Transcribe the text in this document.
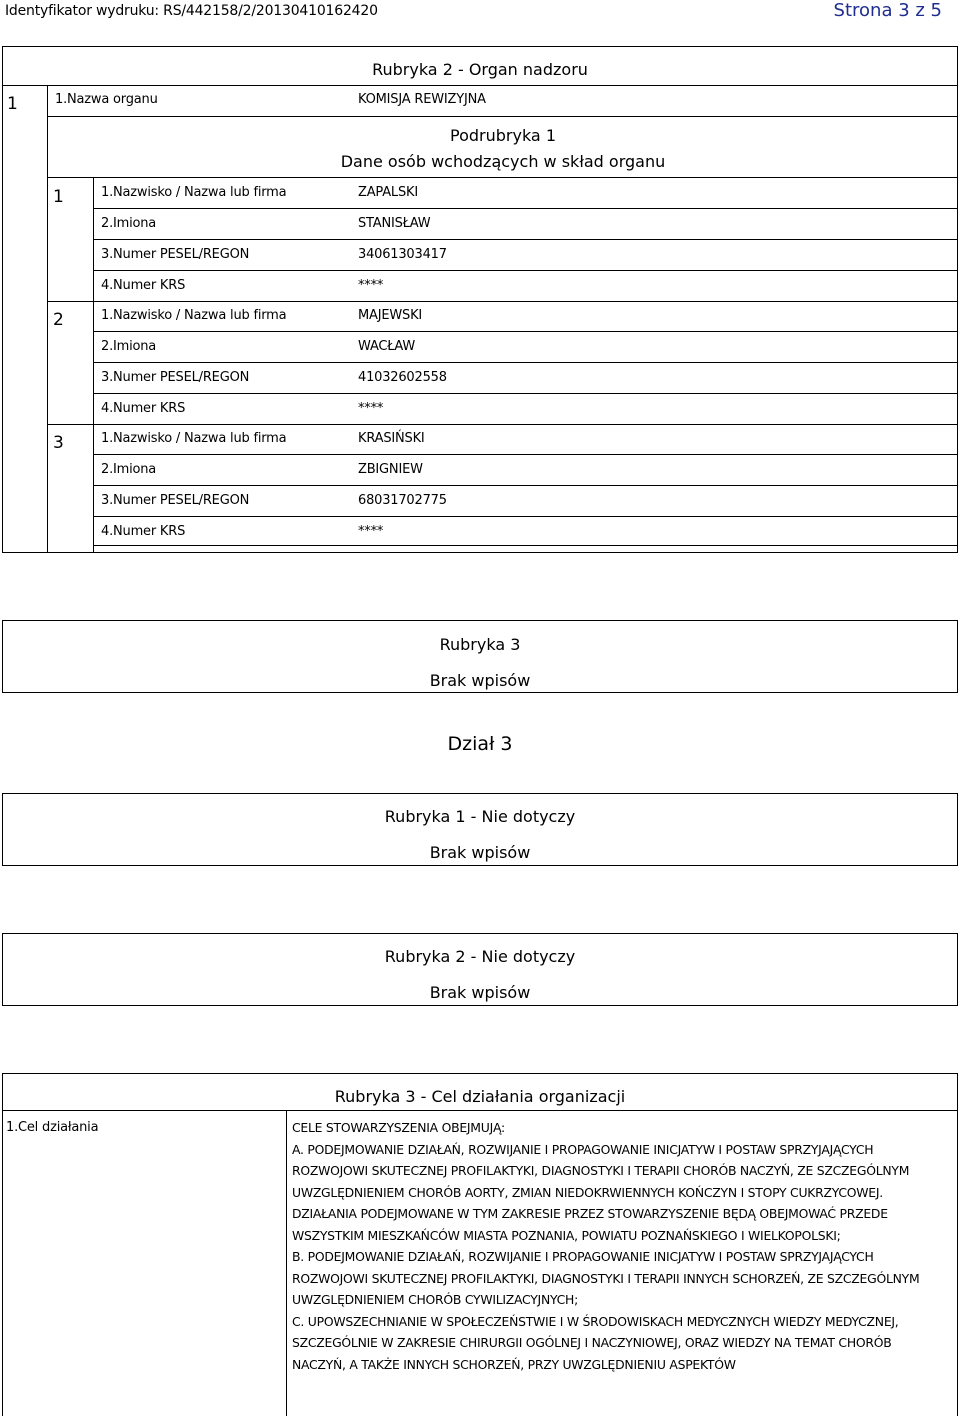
Identyfikator wydruku: RS/442158/2/20130410162420	Strona 3 z 5
Rubryka 2 - Organ nadzoru
1	1.Nazwa organu	KOMISJA REWIZYJNA
Podrubryka 1
Dane osób wchodzących w skład organu
1	1.Nazwisko / Nazwa lub firma	ZAPALSKI
2.Imiona	STANISŁAW
3.Numer PESEL/REGON	34061303417
4.Numer KRS	****
2	1.Nazwisko / Nazwa lub firma	MAJEWSKI
2.Imiona	WACŁAW
3.Numer PESEL/REGON	41032602558
4.Numer KRS	****
3	1.Nazwisko / Nazwa lub firma	KRASIŃSKI
2.Imiona	ZBIGNIEW
3.Numer PESEL/REGON	68031702775
4.Numer KRS	****
Rubryka 3
Brak wpisów
Dział 3
Rubryka 1 - Nie dotyczy
Brak wpisów
Rubryka 2 - Nie dotyczy
Brak wpisów
Rubryka 3 - Cel działania organizacji
1.Cel działania	CELE STOWARZYSZENIA OBEJMUJĄ:

A. PODEJMOWANIE DZIAŁAŃ, ROZWIJANIE I PROPAGOWANIE INICJATYW I POSTAW SPRZYJAJĄCYCH ROZWOJOWI SKUTECZNEJ PROFILAKTYKI, DIAGNOSTYKI I TERAPII CHORÓB NACZYŃ, ZE SZCZEGÓLNYM UWZGLĘDNIENIEM CHORÓB AORTY, ZMIAN NIEDOKRWIENNYCH KOŃCZYN I STOPY CUKRZYCOWEJ. DZIAŁANIA PODEJMOWANE W TYM ZAKRESIE PRZEZ STOWARZYSZENIE BĘDĄ OBEJMOWAĆ PRZEDE WSZYSTKIM MIESZKAŃCÓW MIASTA POZNANIA, POWIATU POZNAŃSKIEGO I WIELKOPOLSKI;

B. PODEJMOWANIE DZIAŁAŃ, ROZWIJANIE I PROPAGOWANIE INICJATYW I POSTAW SPRZYJAJĄCYCH ROZWOJOWI SKUTECZNEJ PROFILAKTYKI, DIAGNOSTYKI I TERAPII INNYCH SCHORZEŃ, ZE SZCZEGÓLNYM UWZGLĘDNIENIEM CHORÓB CYWILIZACYJNYCH;

C. UPOWSZECHNIANIE W SPOŁECZEŃSTWIE I W ŚRODOWISKACH MEDYCZNYCH WIEDZY MEDYCZNEJ, SZCZEGÓLNIE W ZAKRESIE CHIRURGII OGÓLNEJ I NACZYNIOWEJ, ORAZ WIEDZY NA TEMAT CHORÓB NACZYŃ, A TAKŻE INNYCH SCHORZEŃ, PRZY UWZGLĘDNIENIU ASPEKTÓW
